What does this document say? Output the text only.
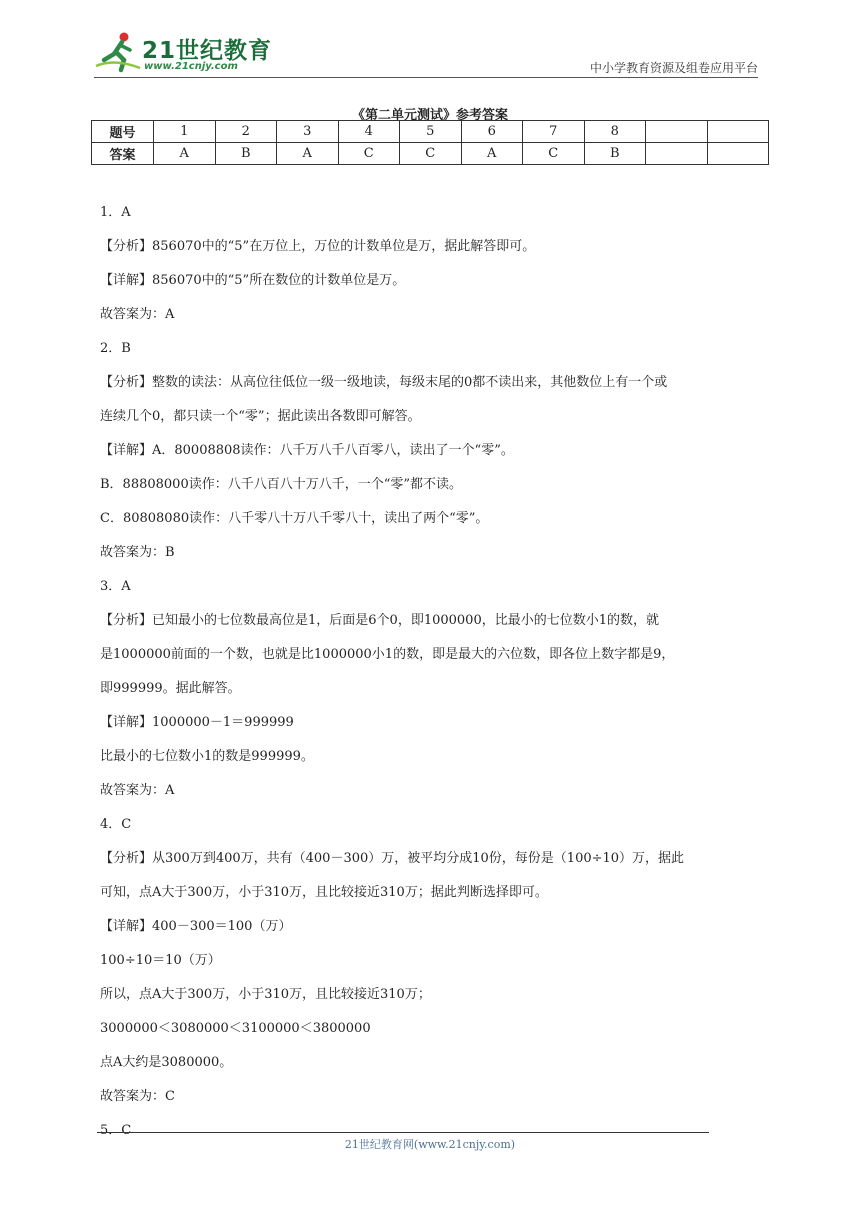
21世纪教育
www.21cnjy.com	中小学教育资源及组卷应用平台
《第二单元测试》参考答案
题号	1	2	3	4	5	6	7	8		
答案	A	B	A	C	C	A	C	B		

1．A

【分析】856070中的“5”在万位上，万位的计数单位是万，据此解答即可。

【详解】856070中的“5”所在数位的计数单位是万。

故答案为：A

2．B

【分析】整数的读法：从高位往低位一级一级地读，每级末尾的0都不读出来，其他数位上有一个或

连续几个0，都只读一个“零”；据此读出各数即可解答。

【详解】A．80008808读作：八千万八千八百零八，读出了一个“零”。

B．88808000读作：八千八百八十万八千，一个“零”都不读。

C．80808080读作：八千零八十万八千零八十，读出了两个“零”。

故答案为：B

3．A

【分析】已知最小的七位数最高位是1，后面是6个0，即1000000，比最小的七位数小1的数，就

是1000000前面的一个数，也就是比1000000小1的数，即是最大的六位数，即各位上数字都是9，

即999999。据此解答。

【详解】1000000－1＝999999

比最小的七位数小1的数是999999。

故答案为：A

4．C

【分析】从300万到400万，共有（400－300）万，被平均分成10份，每份是（100÷10）万，据此

可知，点A大于300万，小于310万，且比较接近310万；据此判断选择即可。

【详解】400－300＝100（万）

100÷10＝10（万）

所以，点A大于300万，小于310万，且比较接近310万；

3000000＜3080000＜3100000＜3800000

点A大约是3080000。

故答案为：C

5．C

21世纪教育网(www.21cnjy.com)
